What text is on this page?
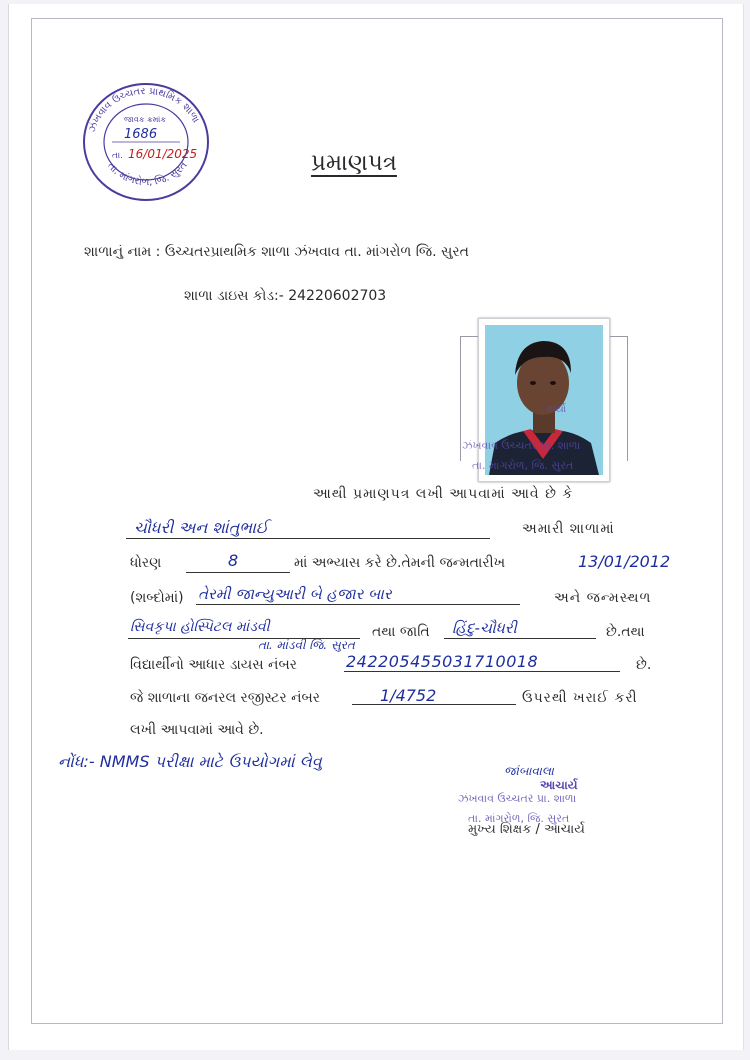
ઝંખવાવ ઉચ્ચતર પ્રાથમિક શાળા
તા. માંગરોળ, જિ. સુરત
જાવક ક્રમાંક
1686
તા. 16/01/2025	પ્રમાણપત્ર
શાળાનું નામ : ઉચ્ચતરપ્રાથમિક શાળા ઝંખવાવ તા. માંગરોળ જિ. સુરત
શાળા ડાઇસ કોડ:- 24220602703
ઝંખવાવ ઉચ્ચતર પ્રા. શાળા
તા. માંગરોળ, જિ. સુરત
કાર્યા
આથી પ્રમાણપત્ર લખી આપવામાં આવે છે કે
ચૌધરી અન શાંતુભાઈ	અમારી શાળામાં
ધોરણ	8	માં અભ્યાસ કરે છે.તેમની જન્મતારીખ	13/01/2012
(શબ્દોમાં) તેરમી જાન્યુઆરી બે હજાર બાર	અને જન્મસ્થળ
સિવકૃપા હોસ્પિટલ માંડવી
તા. માંડવી જિ. સુરત
તથા જાતિ હિંદુ-ચૌધરી	છે.તથા
વિદ્યાર્થીનો આધાર ડાયસ નંબર	242205455031710018	છે.
જે શાળાના જનરલ રજીસ્ટર નંબર	1/4752	ઉપરથી ખરાઈ કરી
લખી આપવામાં આવે છે.
નોંધ:- NMMS પરીક્ષા માટે ઉપયોગમાં લેવુ	જાંબાવાલા
આચાર્ય
ઝંખવાવ ઉચ્ચતર પ્રા. શાળા
તા. માંગરોળ, જિ. સુરત
મુખ્ય શિક્ષક / આચાર્ય
